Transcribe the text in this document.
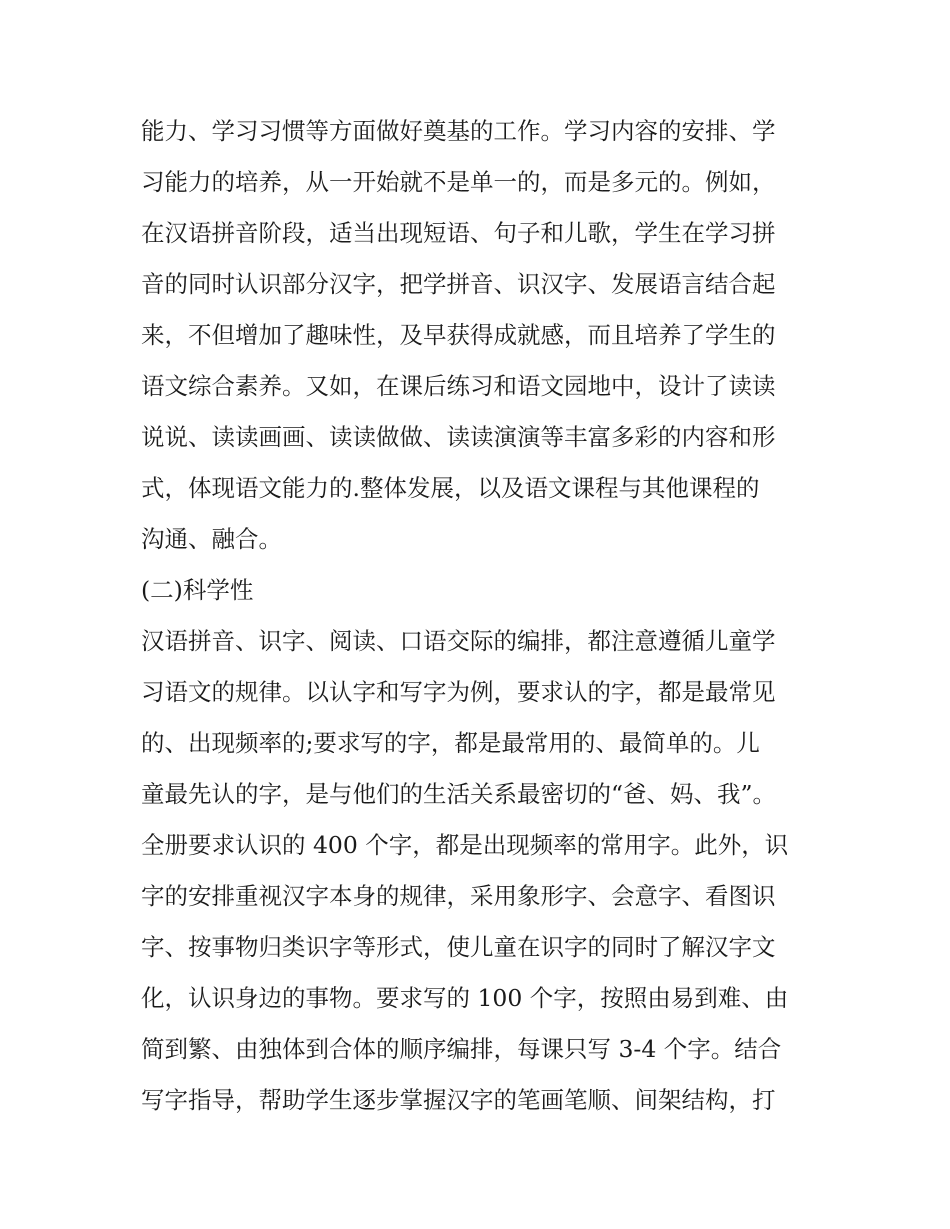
能力、学习习惯等方面做好奠基的工作。学习内容的安排、学
习能力的培养，从一开始就不是单一的，而是多元的。例如，
在汉语拼音阶段，适当出现短语、句子和儿歌，学生在学习拼
音的同时认识部分汉字，把学拼音、识汉字、发展语言结合起
来，不但增加了趣味性，及早获得成就感，而且培养了学生的
语文综合素养。又如，在课后练习和语文园地中，设计了读读
说说、读读画画、读读做做、读读演演等丰富多彩的内容和形
式，体现语文能力的.整体发展，以及语文课程与其他课程的
沟通、融合。
(二)科学性
汉语拼音、识字、阅读、口语交际的编排，都注意遵循儿童学
习语文的规律。以认字和写字为例，要求认的字，都是最常见
的、出现频率的;要求写的字，都是最常用的、最简单的。儿
童最先认的字，是与他们的生活关系最密切的“爸、妈、我”。
全册要求认识的 400 个字，都是出现频率的常用字。此外，识
字的安排重视汉字本身的规律，采用象形字、会意字、看图识
字、按事物归类识字等形式，使儿童在识字的同时了解汉字文
化，认识身边的事物。要求写的 100 个字，按照由易到难、由
简到繁、由独体到合体的顺序编排，每课只写 3-4 个字。结合
写字指导，帮助学生逐步掌握汉字的笔画笔顺、间架结构，打
